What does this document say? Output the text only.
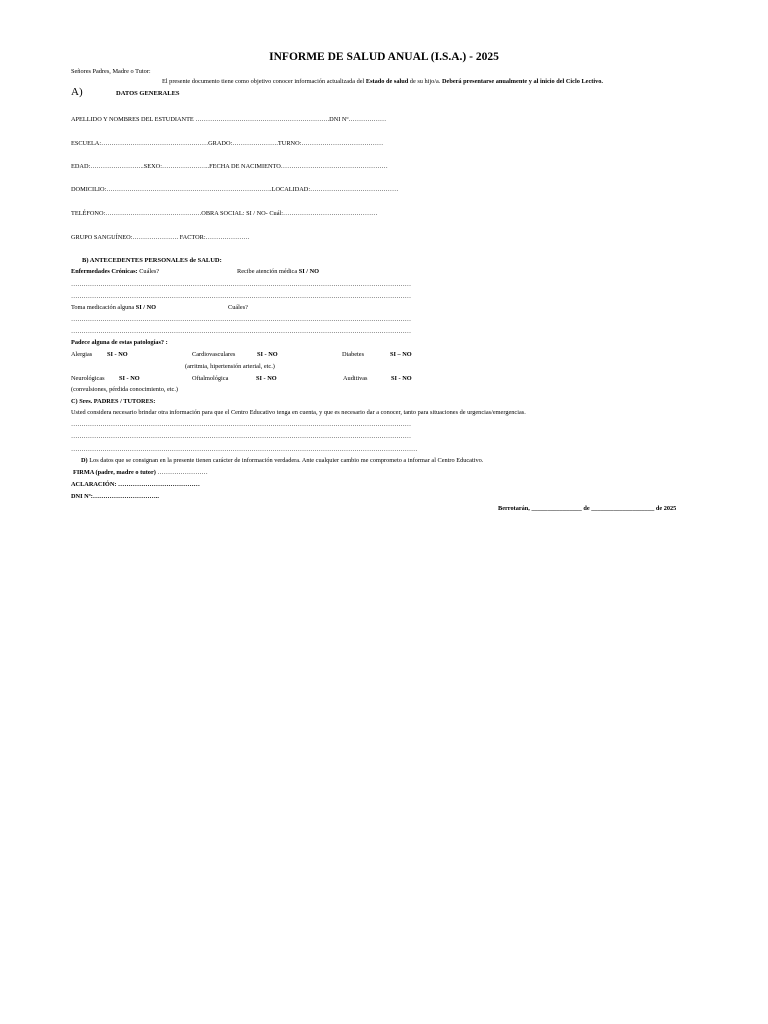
INFORME DE SALUD ANUAL (I.S.A.) - 2025
Señores Padres, Madre o Tutor:
El presente documento tiene como objetivo conocer información actualizada del Estado de salud de su hijo/a. Deberá presentarse anualmente y al inicio del Ciclo Lectivo.
A)	DATOS GENERALES
APELLIDO Y NOMBRES DEL ESTUDIANTE ……………………………………………………….DNI Nº………………
ESCUELA:……………………………………………GRADO:………………….TURNO:…………………………………
EDAD:……………………..SEXO:…………………..FECHA DE NACIMIENTO……………………………………………
DOMICILIO:…………………………………………………………………….LOCALIDAD:……………………………………
TELÉFONO:……………………………………….OBRA SOCIAL: SI / NO- Cuál:………………………………………
GRUPO SANGUÍNEO:…………………. FACTOR:…………………
B) ANTECEDENTES PERSONALES de SALUD:
Enfermedades Crónicas: Cuáles?	Recibe atención médica SI / NO
………………………………………………………………………………………………………………………………………………
………………………………………………………………………………………………………………………………………………
Toma medicación alguna SI / NO	Cuáles?
………………………………………………………………………………………………………………………………………………
………………………………………………………………………………………………………………………………………………
Padece alguna de estas patologías? :
Alergias SI - NO	Cardiovasculares	SI - NO	Diabetes	SI – NO
(arritmia, hipertensión arterial, etc.)
Neurológicas SI - NO	Oftalmológica	SI - NO	Auditivas	SI - NO
(convulsiones, pérdida conocimiento, etc.)
C) Sres. PADRES / TUTORES:
Usted considera necesario brindar otra información para que el Centro Educativo tenga en cuenta, y que es necesario dar a conocer, tanto para situaciones de urgencias/emergencias.
………………………………………………………………………………………………………………………………………………
………………………………………………………………………………………………………………………………………………
…………………………………………………………………………………………………………………………………………………
D) Los datos que se consignan en la presente tienen carácter de información verdadera. Ante cualquier cambio me comprometo a informar al Centro Educativo.
FIRMA (padre, madre o tutor) ……………………
ACLARACIÓN: …………………………………
DNI Nº:…………………………..
Berrotarán, ________________ de ____________________ de 2025
